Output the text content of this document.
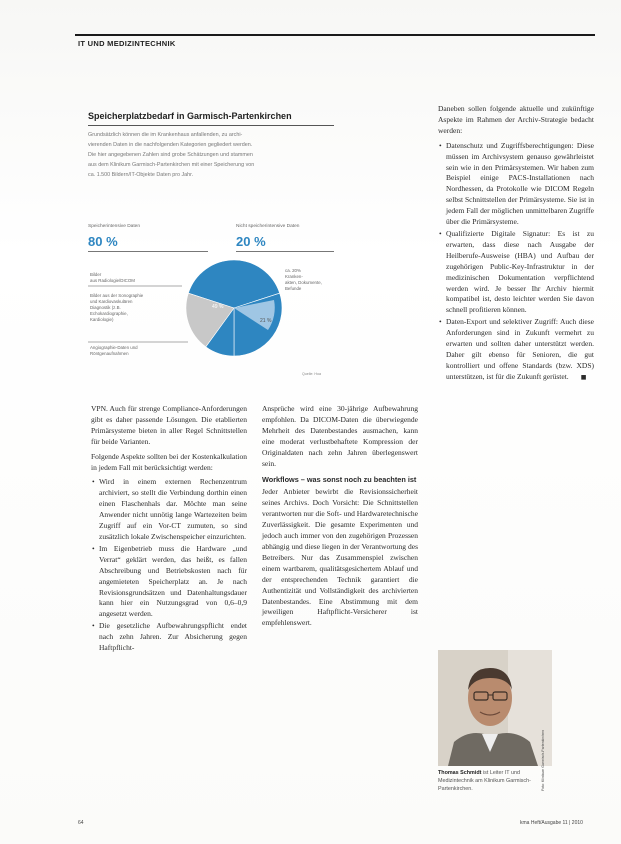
IT UND MEDIZINTECHNIK
Speicherplatzbedarf in Garmisch-Partenkirchen
Grundsätzlich können die im Krankenhaus anfallenden, zu archi-
vierenden Daten in die nachfolgenden Kategorien gegliedert werden.
Die hier angegebenen Zahlen sind grobe Schätzungen und stammen
aus dem Klinikum Garmisch-Partenkirchen mit einer Speicherung von
ca. 1.500 Bildern/IT-Objekte Daten pro Jahr.
Speicherintensive Daten
80 %
Nicht speicherintensive Daten
20 %
49 %
21 %
Bilder
aus Radiologie/DICOM
Bilder aus der Sonographie
und Kardiovaskulären
Diagnostik (z.B.
Echokardiographie,
Kardiologie)
Angiographie-Daten und
Röntgenaufnahmen
ca. 20%
Kranken-
akten, Dokumente,
Befunde
Quelle: Hoa

VPN. Auch für strenge Compliance-Anforderungen gibt es daher passende Lösungen. Die etablierten Primärsysteme bieten in aller Regel Schnittstellen für beide Varianten.

Folgende Aspekte sollten bei der Kostenkalkulation in jedem Fall mit berücksichtigt werden:

• Wird in einem externen Rechenzentrum archiviert, so stellt die Verbindung dorthin einen einen Flaschenhals dar. Möchte man seine Anwender nicht unnötig lange Wartezeiten beim Zugriff auf ein Vor-CT zumuten, so sind zusätzlich lokale Zwischenspeicher einzurichten.
• Im Eigenbetrieb muss die Hardware „und Verrat“ geklärt werden, das heißt, es fallen Abschreibung und Betriebskosten nach für angemieteten Speicherplatz an. Je nach Revisionsgrundsätzen und Datenhaltungsdauer kann hier ein Nutzungsgrad von 0,6–0,9 angesetzt werden.
• Die gesetzliche Aufbewahrungspflicht endet nach zehn Jahren. Zur Absicherung gegen Haftpflicht-

Ansprüche wird eine 30-jährige Aufbewahrung empfohlen. Da DICOM-Daten die überwiegende Mehrheit des Datenbestandes ausmachen, kann eine moderat verlustbehaftete Kompression der Originaldaten nach zehn Jahren überlegenswert sein.

Workflows – was sonst noch zu beachten ist

Jeder Anbieter bewirbt die Revisionssicherheit seines Archivs. Doch Vorsicht: Die Schnittstellen verantworten nur die Soft- und Hardwaretechnische Zuverlässigkeit. Die gesamte Experimenten und jedoch auch immer von den zugehörigen Prozessen abhängig und diese liegen in der Verantwortung des Betreibers. Nur das Zusammenspiel zwischen einem wartbarem, qualitätsgesichertem Ablauf und der entsprechenden Technik garantiert die Authentizität und Vollständigkeit des archivierten Datenbestandes. Eine Abstimmung mit dem jeweiligen Haftpflicht-Versicherer ist empfehlenswert.

Daneben sollen folgende aktuelle und zukünftige Aspekte im Rahmen der Archiv-Strategie bedacht werden:

• Datenschutz und Zugriffsberechtigungen: Diese müssen im Archivsystem genauso gewährleistet sein wie in den Primärsystemen. Wir haben zum Beispiel einige PACS-Installationen nach Nordhessen, da Protokolle wie DICOM Regeln selbst Schnittstellen der Primärsysteme. Sie ist in jedem Fall der möglichen unmittelbaren Zugriffe über die Primärsysteme.
• Qualifizierte Digitale Signatur: Es ist zu erwarten, dass diese nach Ausgabe der Heilberufe-Ausweise (HBA) und Aufbau der zugehörigen Public-Key-Infrastruktur in der medizinischen Dokumentation verpflichtend werden wird. Je besser Ihr Archiv hiermit kompatibel ist, desto leichter werden Sie davon schnell profitieren können.
• Daten-Export und selektiver Zugriff: Auch diese Anforderungen sind in Zukunft vermehrt zu erwarten und sollten daher unterstützt werden. Daher gilt ebenso für Senioren, die gut kontrolliert und offene Standards (bzw. XDS) unterstützen, ist für die Zukunft gerüstet. ■
Foto: Klinikum Garmisch-Partenkirchen
Thomas Schmidt ist Leiter IT und Medizintechnik am Klinikum Garmisch-Partenkirchen.
64	kma Heft/Ausgabe 11 | 2010
